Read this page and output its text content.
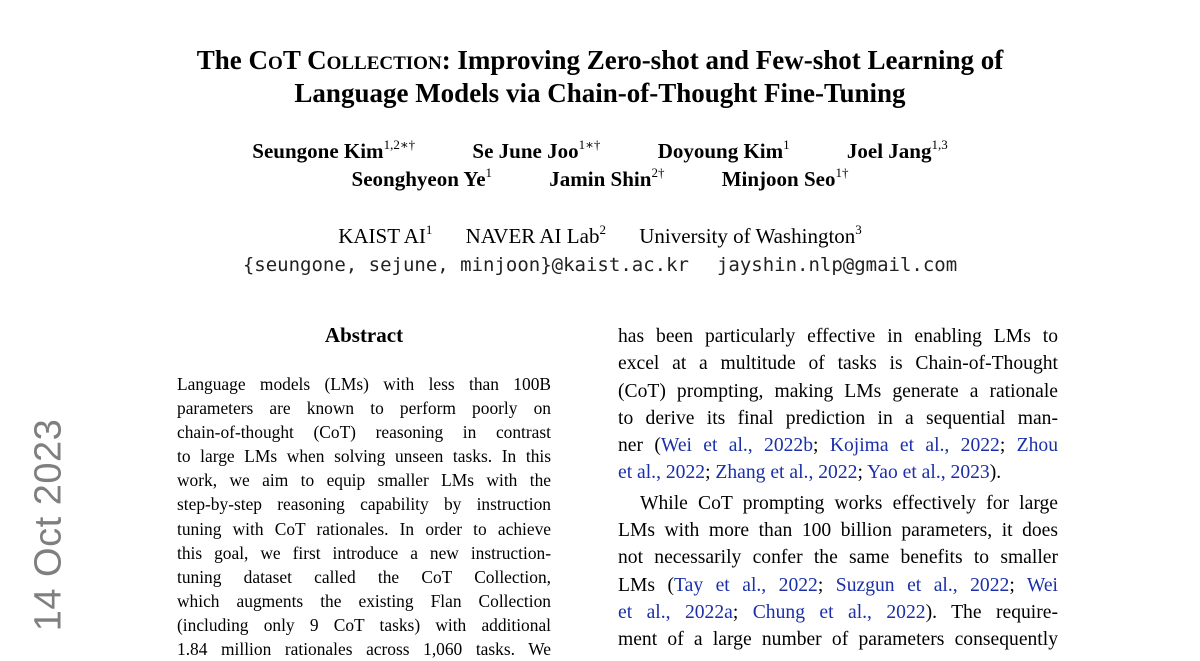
The CoT Collection: Improving Zero-shot and Few-shot Learning of
Language Models via Chain-of-Thought Fine-Tuning
Seungone Kim$^{1,2∗\dagger}$	Se June Joo$^{1∗\dagger}$	Doyoung Kim$^1$	Joel Jang$^{1,3}$
Seonghyeon Ye$^1$	Jamin Shin$^{2\dagger}$	Minjoon Seo$^{1\dagger}$
KAIST $AI^1$ NAVER AI Lab$^2$ University of Washington$^3$
{seungone, sejune, minjoon}@kaist.ac.kr jayshin.nlp@gmail.com
14 Oct 2023
Abstract
Language models (LMs) with less than 100B
parameters are known to perform poorly on
chain-of-thought (CoT) reasoning in contrast
to large LMs when solving unseen tasks. In this
work, we aim to equip smaller LMs with the
step-by-step reasoning capability by instruction
tuning with CoT rationales. In order to achieve
this goal, we first introduce a new instruction-
tuning dataset called the CoT Collection,
which augments the existing Flan Collection
(including only 9 CoT tasks) with additional
1.84 million rationales across 1,060 tasks. We
has been particularly effective in enabling LMs to
excel at a multitude of tasks is Chain-of-Thought
(CoT) prompting, making LMs generate a rationale
to derive its final prediction in a sequential man-
ner (Wei et al., 2022b; Kojima et al., 2022; Zhou
et al., 2022; Zhang et al., 2022; Yao et al., 2023).
While CoT prompting works effectively for large
LMs with more than 100 billion parameters, it does
not necessarily confer the same benefits to smaller
LMs (Tay et al., 2022; Suzgun et al., 2022; Wei
et al., 2022a; Chung et al., 2022). The require-
ment of a large number of parameters consequently
